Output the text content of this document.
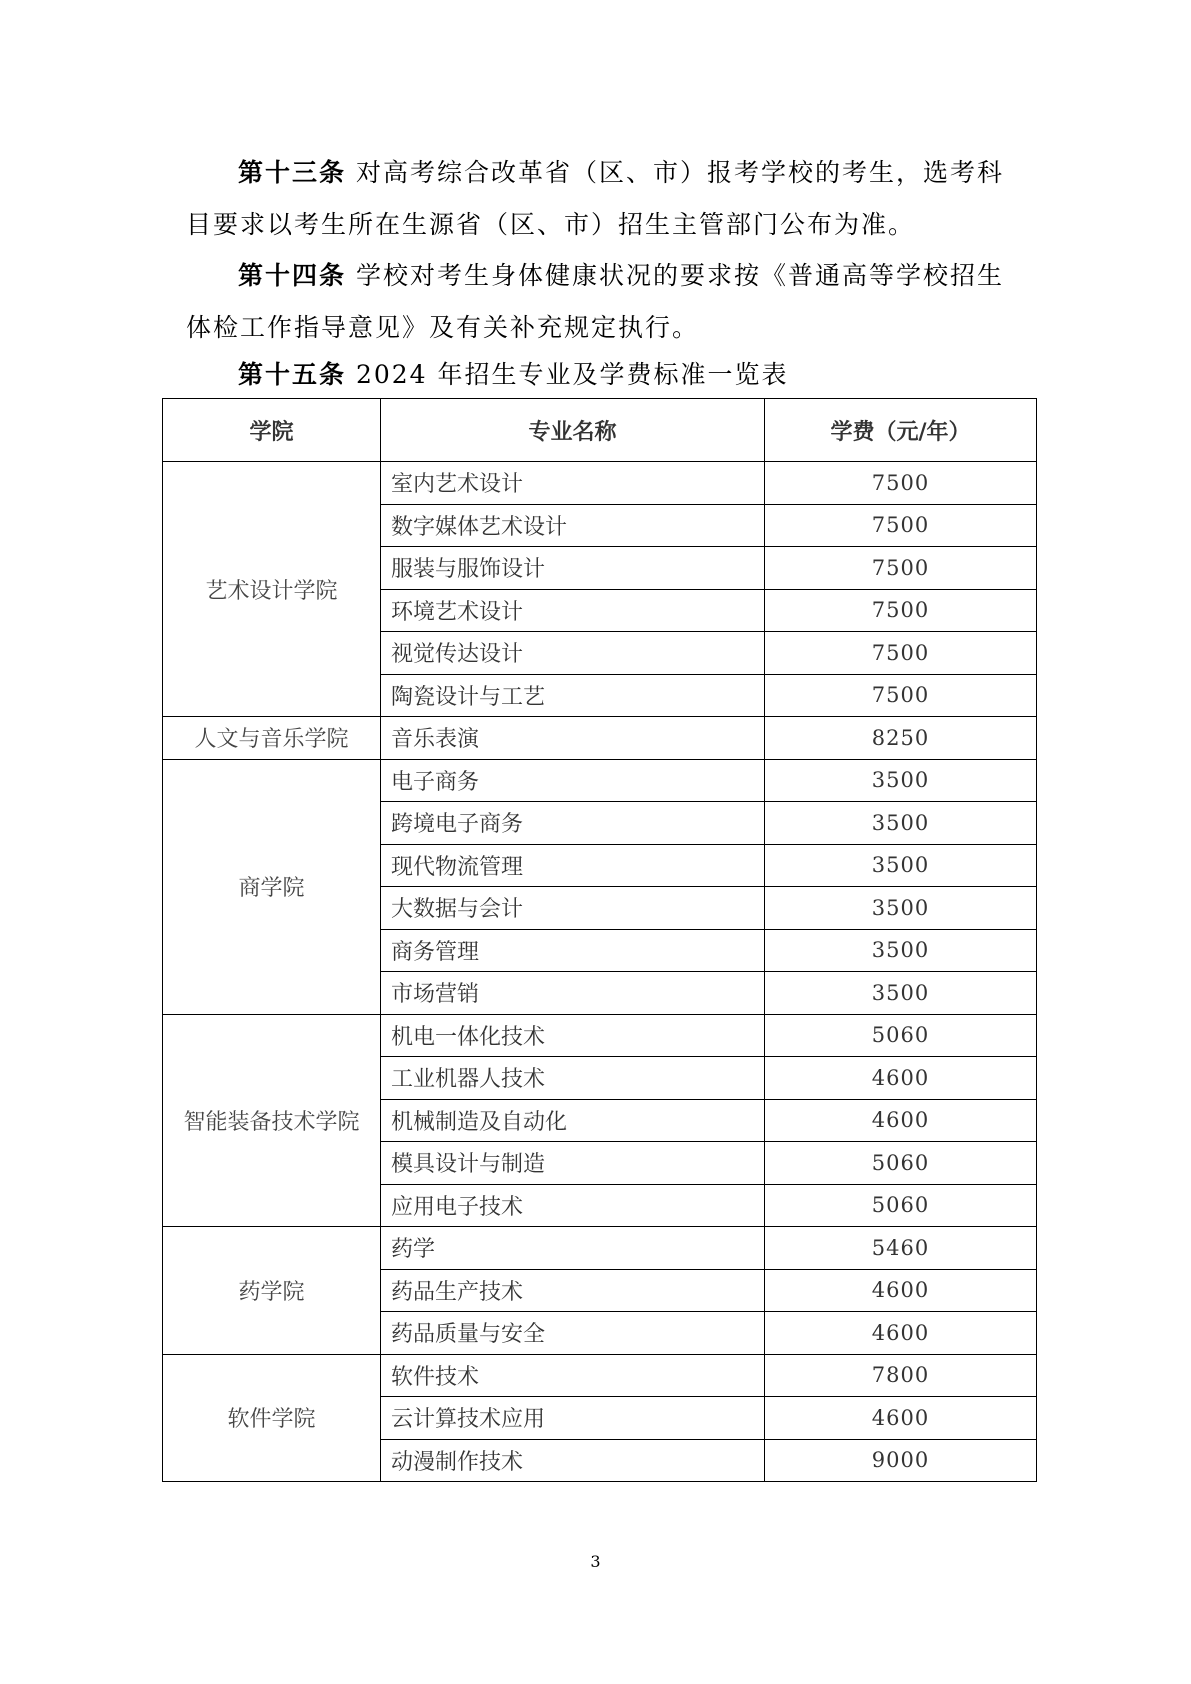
第十三条 对高考综合改革省（区、市）报考学校的考生，选考科目要求以考生所在生源省（区、市）招生主管部门公布为准。

第十四条 学校对考生身体健康状况的要求按《普通高等学校招生体检工作指导意见》及有关补充规定执行。

第十五条 2024 年招生专业及学费标准一览表

学院	专业名称	学费（元/年）
艺术设计学院	室内艺术设计	7500
	数字媒体艺术设计	7500
	服装与服饰设计	7500
	环境艺术设计	7500
	视觉传达设计	7500
	陶瓷设计与工艺	7500
人文与音乐学院	音乐表演	8250
商学院	电子商务	3500
	跨境电子商务	3500
	现代物流管理	3500
	大数据与会计	3500
	商务管理	3500
	市场营销	3500
智能装备技术学院	机电一体化技术	5060
	工业机器人技术	4600
	机械制造及自动化	4600
	模具设计与制造	5060
	应用电子技术	5060
药学院	药学	5460
	药品生产技术	4600
	药品质量与安全	4600
软件学院	软件技术	7800
	云计算技术应用	4600
	动漫制作技术	9000
3
